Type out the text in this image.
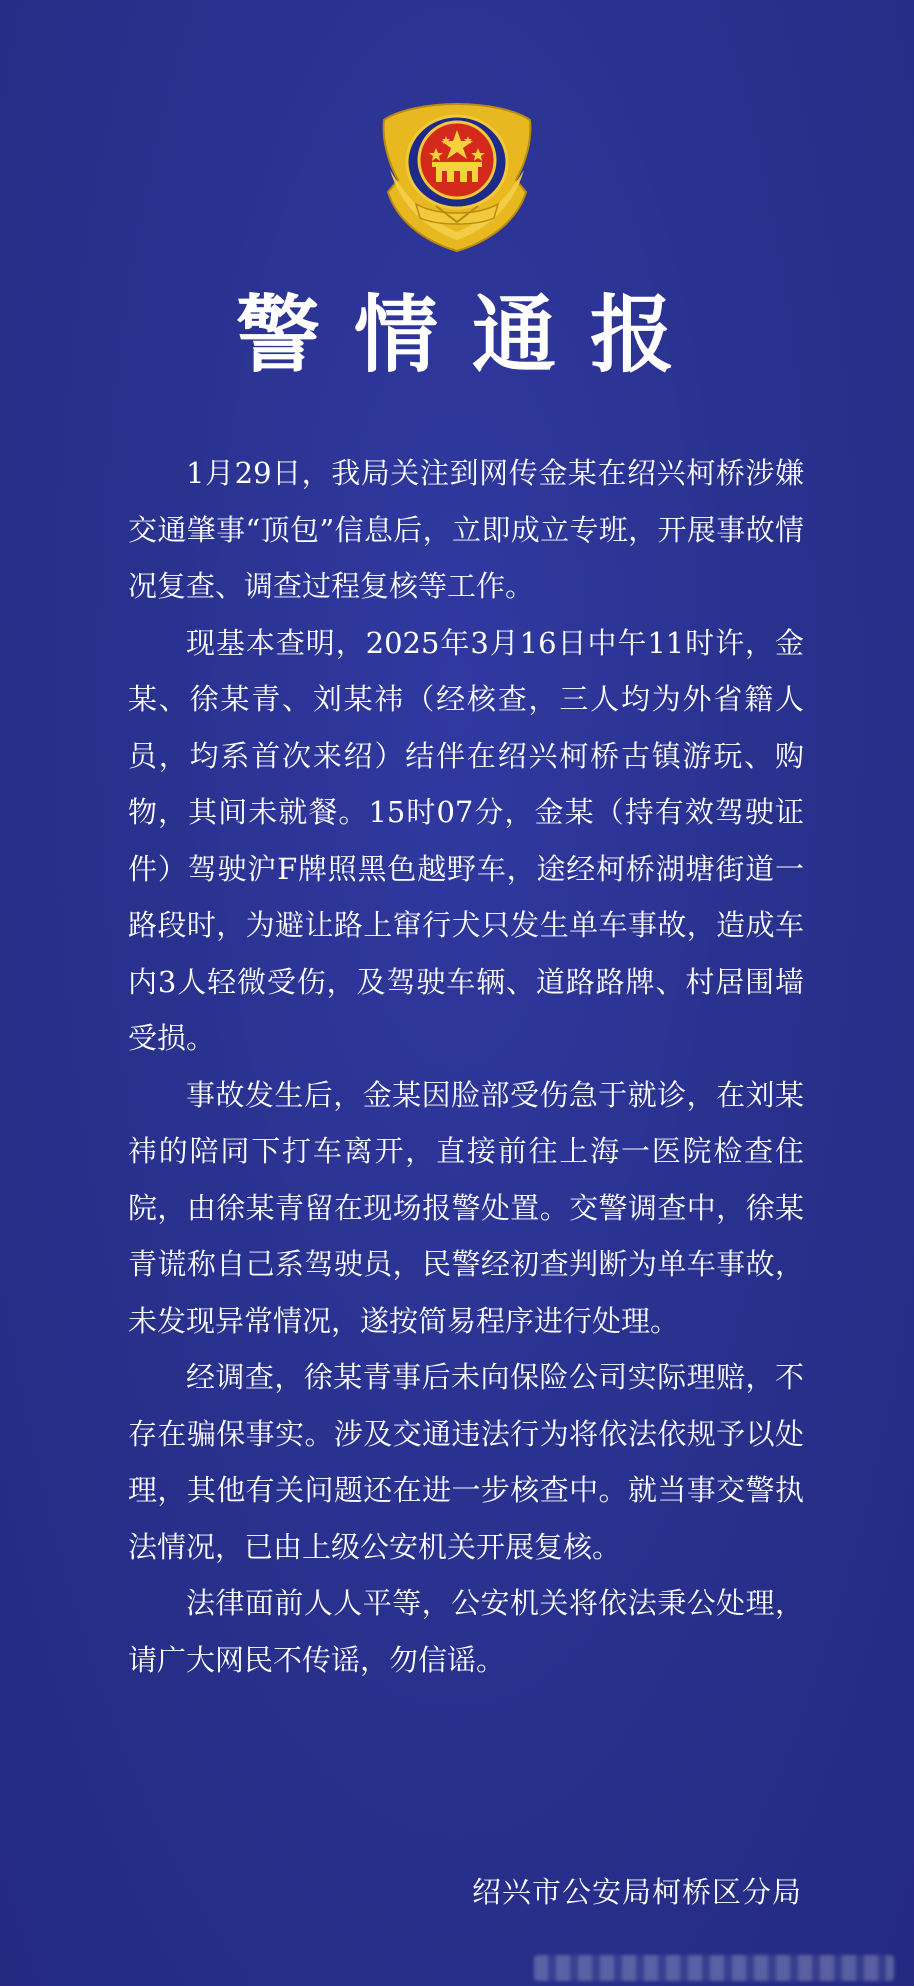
警情通报

1月29日，我局关注到网传金某在绍兴柯桥涉嫌交通肇事“顶包”信息后，立即成立专班，开展事故情况复查、调查过程复核等工作。

现基本查明，2025年3月16日中午11时许，金某、徐某青、刘某祎（经核查，三人均为外省籍人员，均系首次来绍）结伴在绍兴柯桥古镇游玩、购物，其间未就餐。15时07分，金某（持有效驾驶证件）驾驶沪F牌照黑色越野车，途经柯桥湖塘街道一路段时，为避让路上窜行犬只发生单车事故，造成车内3人轻微受伤，及驾驶车辆、道路路牌、村居围墙受损。

事故发生后，金某因脸部受伤急于就诊，在刘某祎的陪同下打车离开，直接前往上海一医院检查住院，由徐某青留在现场报警处置。交警调查中，徐某青谎称自己系驾驶员，民警经初查判断为单车事故，未发现异常情况，遂按简易程序进行处理。

经调查，徐某青事后未向保险公司实际理赔，不存在骗保事实。涉及交通违法行为将依法依规予以处理，其他有关问题还在进一步核查中。就当事交警执法情况，已由上级公安机关开展复核。

法律面前人人平等，公安机关将依法秉公处理，请广大网民不传谣，勿信谣。

绍兴市公安局柯桥区分局
